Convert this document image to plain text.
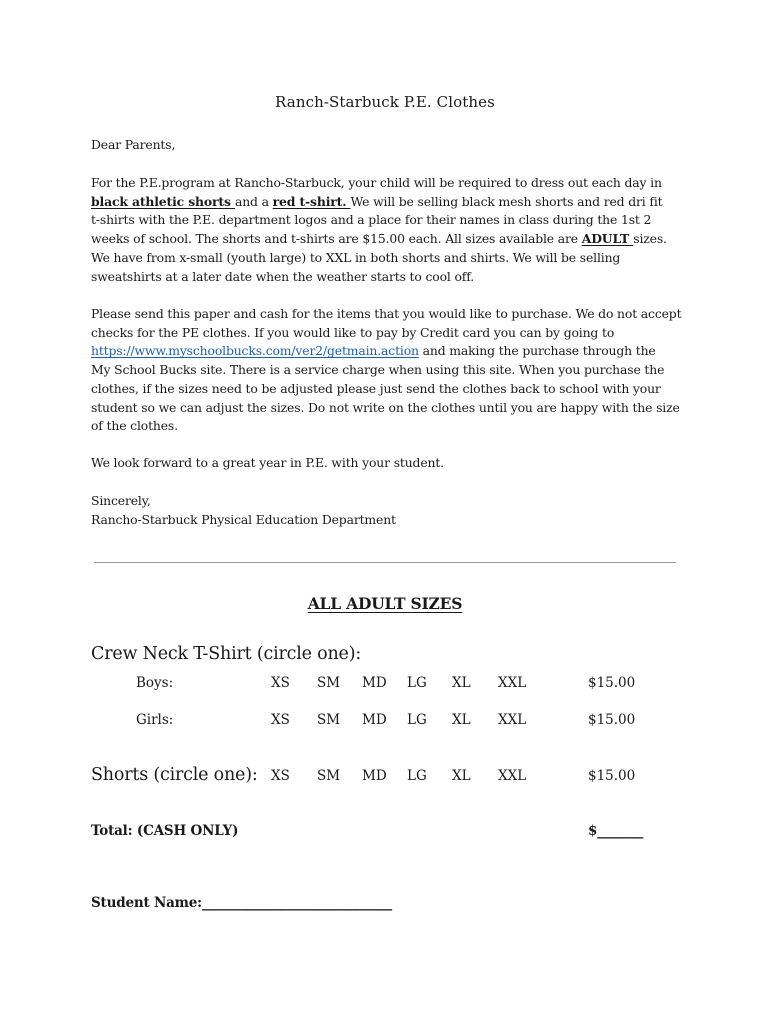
Ranch-Starbuck P.E. Clothes

Dear Parents,

For the P.E.program at Rancho-Starbuck, your child will be required to dress out each day in

black athletic shorts and a red t-shirt. We will be selling black mesh shorts and red dri fit

t-shirts with the P.E. department logos and a place for their names in class during the 1st 2

weeks of school. The shorts and t-shirts are $15.00 each. All sizes available are ADULT sizes.

We have from x-small (youth large) to XXL in both shorts and shirts. We will be selling

sweatshirts at a later date when the weather starts to cool off.

Please send this paper and cash for the items that you would like to purchase. We do not accept

checks for the PE clothes. If you would like to pay by Credit card you can by going to

https://www.myschoolbucks.com/ver2/getmain.action and making the purchase through the

My School Bucks site. There is a service charge when using this site. When you purchase the

clothes, if the sizes need to be adjusted please just send the clothes back to school with your

student so we can adjust the sizes. Do not write on the clothes until you are happy with the size

of the clothes.

We look forward to a great year in P.E. with your student.

Sincerely,

Rancho-Starbuck Physical Education Department

ALL ADULT SIZES
Crew Neck T-Shirt (circle one):
Boys:	XS SM MD LG XL XXL	$15.00
Girls:	XS SM MD LG XL XXL	$15.00
Shorts (circle one): XS SM MD LG XL XXL	$15.00
Total: (CASH ONLY)	$_______
Student Name:_____________________________
